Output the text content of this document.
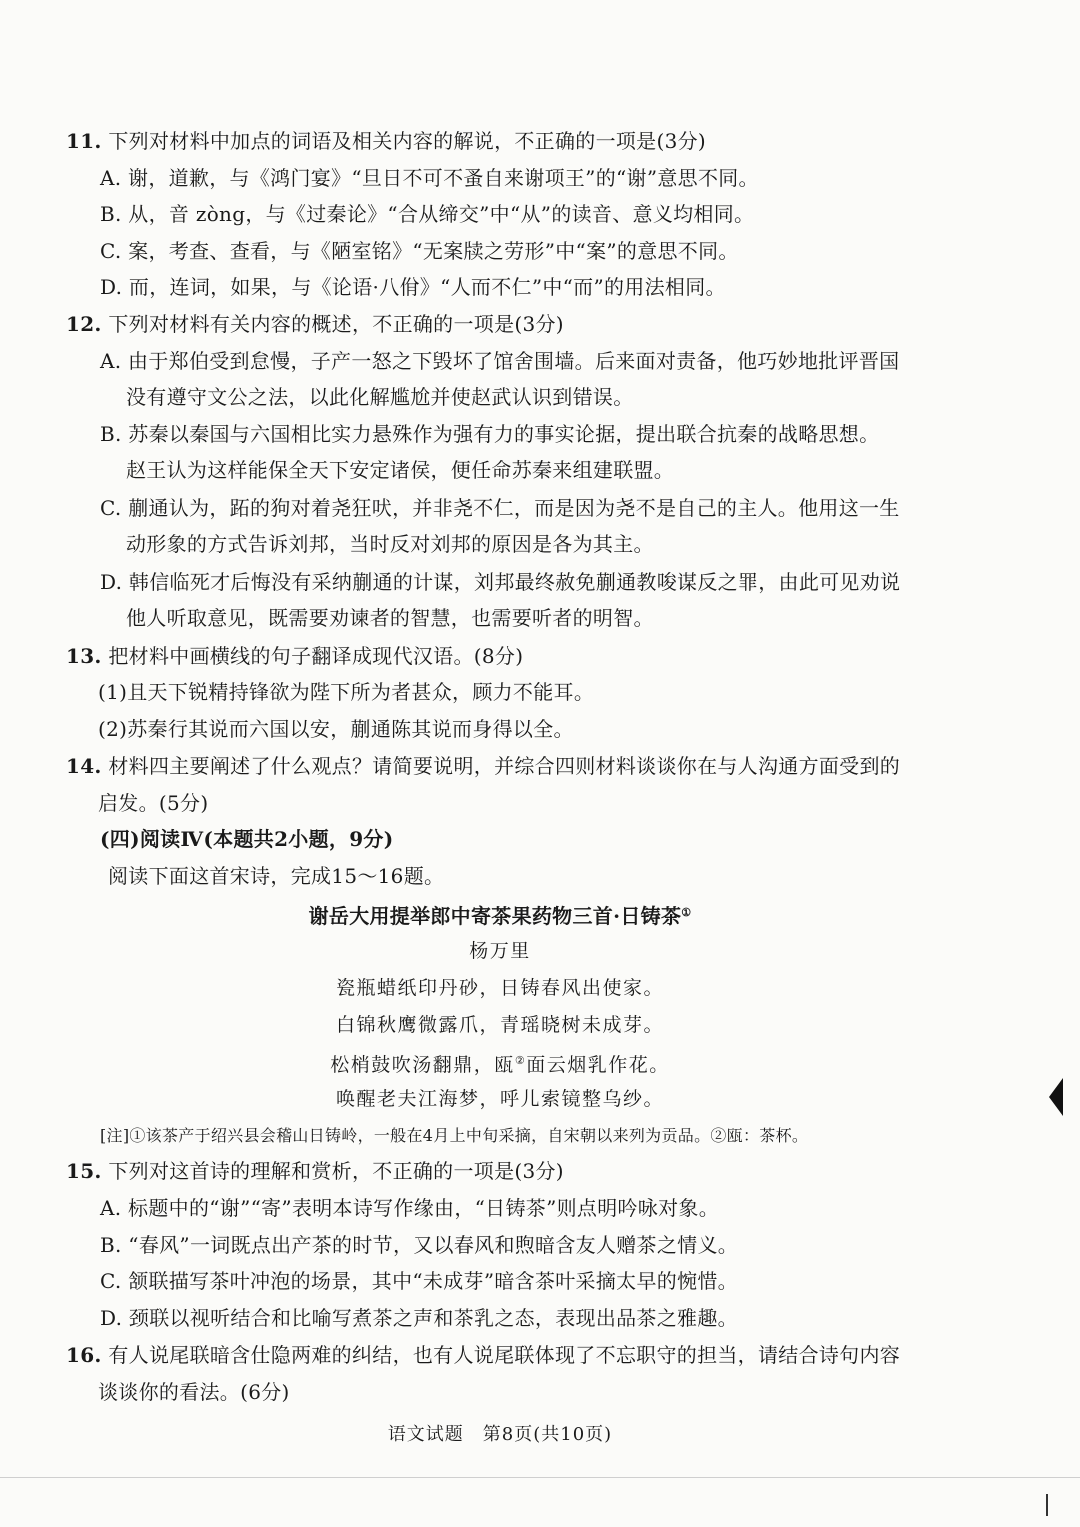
11. 下列对材料中加点的词语及相关内容的解说，不正确的一项是(3分)
A. 谢，道歉，与《鸿门宴》“旦日不可不蚤自来谢项王”的“谢”意思不同。
B. 从，音 zòng，与《过秦论》“合从缔交”中“从”的读音、意义均相同。
C. 案，考查、查看，与《陋室铭》“无案牍之劳形”中“案”的意思不同。
D. 而，连词，如果，与《论语·八佾》“人而不仁”中“而”的用法相同。
12. 下列对材料有关内容的概述，不正确的一项是(3分)
A. 由于郑伯受到怠慢，子产一怒之下毁坏了馆舍围墙。后来面对责备，他巧妙地批评晋国
没有遵守文公之法，以此化解尴尬并使赵武认识到错误。
B. 苏秦以秦国与六国相比实力悬殊作为强有力的事实论据，提出联合抗秦的战略思想。
赵王认为这样能保全天下安定诸侯，便任命苏秦来组建联盟。
C. 蒯通认为，跖的狗对着尧狂吠，并非尧不仁，而是因为尧不是自己的主人。他用这一生
动形象的方式告诉刘邦，当时反对刘邦的原因是各为其主。
D. 韩信临死才后悔没有采纳蒯通的计谋，刘邦最终赦免蒯通教唆谋反之罪，由此可见劝说
他人听取意见，既需要劝谏者的智慧，也需要听者的明智。
13. 把材料中画横线的句子翻译成现代汉语。(8分)
(1)且天下锐精持锋欲为陛下所为者甚众，顾力不能耳。
(2)苏秦行其说而六国以安，蒯通陈其说而身得以全。
14. 材料四主要阐述了什么观点？请简要说明，并综合四则材料谈谈你在与人沟通方面受到的
启发。(5分)
(四)阅读Ⅳ(本题共2小题，9分)
阅读下面这首宋诗，完成15～16题。
谢岳大用提举郎中寄茶果药物三首·日铸茶①
杨万里
瓷瓶蜡纸印丹砂，日铸春风出使家。
白锦秋鹰微露爪，青瑶晓树未成芽。
松梢鼓吹汤翻鼎，瓯②面云烟乳作花。
唤醒老夫江海梦，呼儿索镜整乌纱。
[注]①该茶产于绍兴县会稽山日铸岭，一般在4月上中旬采摘，自宋朝以来列为贡品。②瓯：茶杯。
15. 下列对这首诗的理解和赏析，不正确的一项是(3分)
A. 标题中的“谢”“寄”表明本诗写作缘由，“日铸茶”则点明吟咏对象。
B. “春风”一词既点出产茶的时节，又以春风和煦暗含友人赠茶之情义。
C. 颔联描写茶叶冲泡的场景，其中“未成芽”暗含茶叶采摘太早的惋惜。
D. 颈联以视听结合和比喻写煮茶之声和茶乳之态，表现出品茶之雅趣。
16. 有人说尾联暗含仕隐两难的纠结，也有人说尾联体现了不忘职守的担当，请结合诗句内容
谈谈你的看法。(6分)
语文试题　第8页(共10页)
